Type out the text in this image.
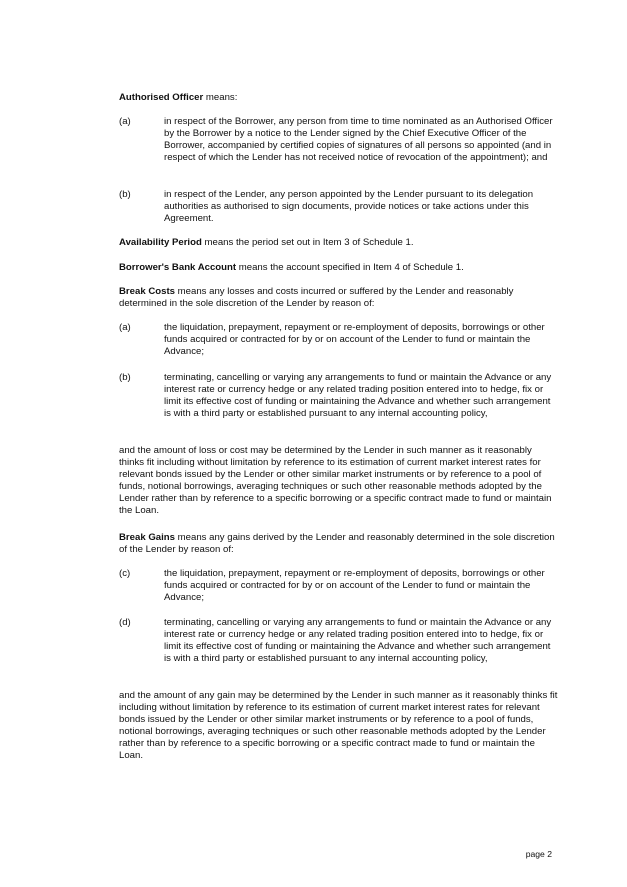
Authorised Officer means:

(a)	in respect of the Borrower, any person from time to time nominated as an Authorised Officer by the Borrower by a notice to the Lender signed by the Chief Executive Officer of the Borrower, accompanied by certified copies of signatures of all persons so appointed (and in respect of which the Lender has not received notice of revocation of the appointment); and
(b)	in respect of the Lender, any person appointed by the Lender pursuant to its delegation authorities as authorised to sign documents, provide notices or take actions under this Agreement.

Availability Period means the period set out in Item 3 of Schedule 1.

Borrower's Bank Account means the account specified in Item 4 of Schedule 1.

Break Costs means any losses and costs incurred or suffered by the Lender and reasonably determined in the sole discretion of the Lender by reason of:

(a)	the liquidation, prepayment, repayment or re-employment of deposits, borrowings or other funds acquired or contracted for by or on account of the Lender to fund or maintain the Advance;
(b)	terminating, cancelling or varying any arrangements to fund or maintain the Advance or any interest rate or currency hedge or any related trading position entered into to hedge, fix or limit its effective cost of funding or maintaining the Advance and whether such arrangement is with a third party or established pursuant to any internal accounting policy,

and the amount of loss or cost may be determined by the Lender in such manner as it reasonably thinks fit including without limitation by reference to its estimation of current market interest rates for relevant bonds issued by the Lender or other similar market instruments or by reference to a pool of funds, notional borrowings, averaging techniques or such other reasonable methods adopted by the Lender rather than by reference to a specific borrowing or a specific contract made to fund or maintain the Loan.

Break Gains means any gains derived by the Lender and reasonably determined in the sole discretion of the Lender by reason of:

(c)	the liquidation, prepayment, repayment or re-employment of deposits, borrowings or other funds acquired or contracted for by or on account of the Lender to fund or maintain the Advance;
(d)	terminating, cancelling or varying any arrangements to fund or maintain the Advance or any interest rate or currency hedge or any related trading position entered into to hedge, fix or limit its effective cost of funding or maintaining the Advance and whether such arrangement is with a third party or established pursuant to any internal accounting policy,

and the amount of any gain may be determined by the Lender in such manner as it reasonably thinks fit including without limitation by reference to its estimation of current market interest rates for relevant bonds issued by the Lender or other similar market instruments or by reference to a pool of funds, notional borrowings, averaging techniques or such other reasonable methods adopted by the Lender rather than by reference to a specific borrowing or a specific contract made to fund or maintain the Loan.

page 2
